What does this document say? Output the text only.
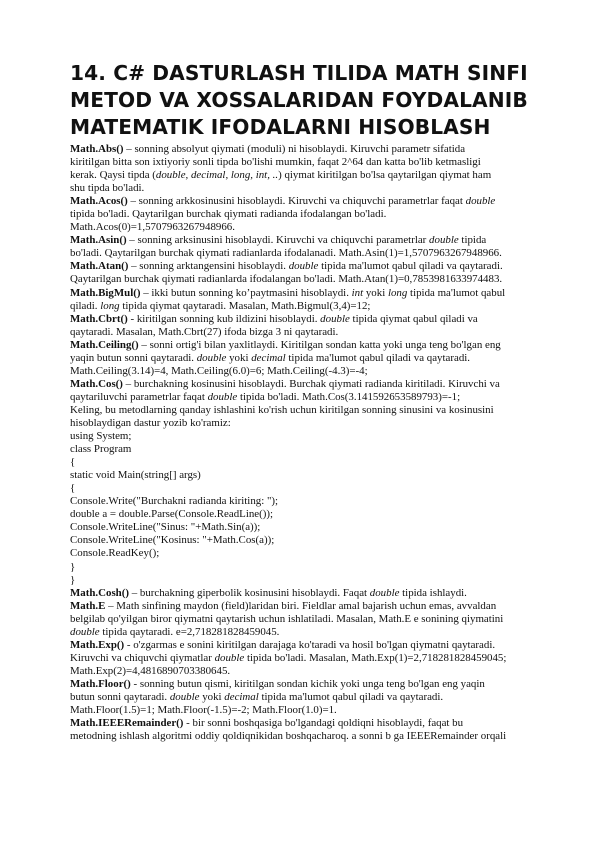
14. C# DASTURLASH TILIDA MATH SINFI
METOD VA XOSSALARIDAN FOYDALANIB
MATEMATIK IFODALARNI HISOBLASH

Math.Abs() – sonning absolyut qiymati (moduli) ni hisoblaydi. Kiruvchi parametr sifatida
kiritilgan bitta son ixtiyoriy sonli tipda bo'lishi mumkin, faqat 2^64 dan katta bo'lib ketmasligi
kerak. Qaysi tipda (double, decimal, long, int, ..) qiymat kiritilgan bo'lsa qaytarilgan qiymat ham
shu tipda bo'ladi.

Math.Acos() – sonning arkkosinusini hisoblaydi. Kiruvchi va chiquvchi parametrlar faqat double
tipida bo'ladi. Qaytarilgan burchak qiymati radianda ifodalangan bo'ladi.
Math.Acos(0)=1,5707963267948966.

Math.Asin() – sonning arksinusini hisoblaydi. Kiruvchi va chiquvchi parametrlar double tipida
bo'ladi. Qaytarilgan burchak qiymati radianlarda ifodalanadi. Math.Asin(1)=1,5707963267948966.

Math.Atan() – sonning arktangensini hisoblaydi. double tipida ma'lumot qabul qiladi va qaytaradi.
Qaytarilgan burchak qiymati radianlarda ifodalangan bo'ladi. Math.Atan(1)=0,7853981633974483.

Math.BigMul() – ikki butun sonning ko’paytmasini hisoblaydi. int yoki long tipida ma'lumot qabul
qiladi. long tipida qiymat qaytaradi. Masalan, Math.Bigmul(3,4)=12;

Math.Cbrt() - kiritilgan sonning kub ildizini hisoblaydi. double tipida qiymat qabul qiladi va
qaytaradi. Masalan, Math.Cbrt(27) ifoda bizga 3 ni qaytaradi.

Math.Ceiling() – sonni ortig'i bilan yaxlitlaydi. Kiritilgan sondan katta yoki unga teng bo'lgan eng
yaqin butun sonni qaytaradi. double yoki decimal tipida ma'lumot qabul qiladi va qaytaradi.
Math.Ceiling(3.14)=4, Math.Ceiling(6.0)=6; Math.Ceiling(-4.3)=-4;

Math.Cos() – burchakning kosinusini hisoblaydi. Burchak qiymati radianda kiritiladi. Kiruvchi va
qaytariluvchi parametrlar faqat double tipida bo'ladi. Math.Cos(3.141592653589793)=-1;
Keling, bu metodlarning qanday ishlashini ko'rish uchun kiritilgan sonning sinusini va kosinusini
hisoblaydigan dastur yozib ko'ramiz:

using System;
class Program
{
static void Main(string[] args)
{
Console.Write("Burchakni radianda kiriting: ");
double a = double.Parse(Console.ReadLine());
Console.WriteLine("Sinus: "+Math.Sin(a));
Console.WriteLine("Kosinus: "+Math.Cos(a));
Console.ReadKey();
}
}

Math.Cosh() – burchakning giperbolik kosinusini hisoblaydi. Faqat double tipida ishlaydi.

Math.E – Math sinfining maydon (field)laridan biri. Fieldlar amal bajarish uchun emas, avvaldan
belgilab qo'yilgan biror qiymatni qaytarish uchun ishlatiladi. Masalan, Math.E e sonining qiymatini
double tipida qaytaradi. e=2,718281828459045.

Math.Exp() - o'zgarmas e sonini kiritilgan darajaga ko'taradi va hosil bo'lgan qiymatni qaytaradi.
Kiruvchi va chiquvchi qiymatlar double tipida bo'ladi. Masalan, Math.Exp(1)=2,718281828459045;
Math.Exp(2)=4,4816890703380645.

Math.Floor() - sonning butun qismi, kiritilgan sondan kichik yoki unga teng bo'lgan eng yaqin
butun sonni qaytaradi. double yoki decimal tipida ma'lumot qabul qiladi va qaytaradi.
Math.Floor(1.5)=1; Math.Floor(-1.5)=-2; Math.Floor(1.0)=1.

Math.IEEERemainder() - bir sonni boshqasiga bo'lgandagi qoldiqni hisoblaydi, faqat bu
metodning ishlash algoritmi oddiy qoldiqnikidan boshqacharoq. a sonni b ga IEEERemainder orqali
